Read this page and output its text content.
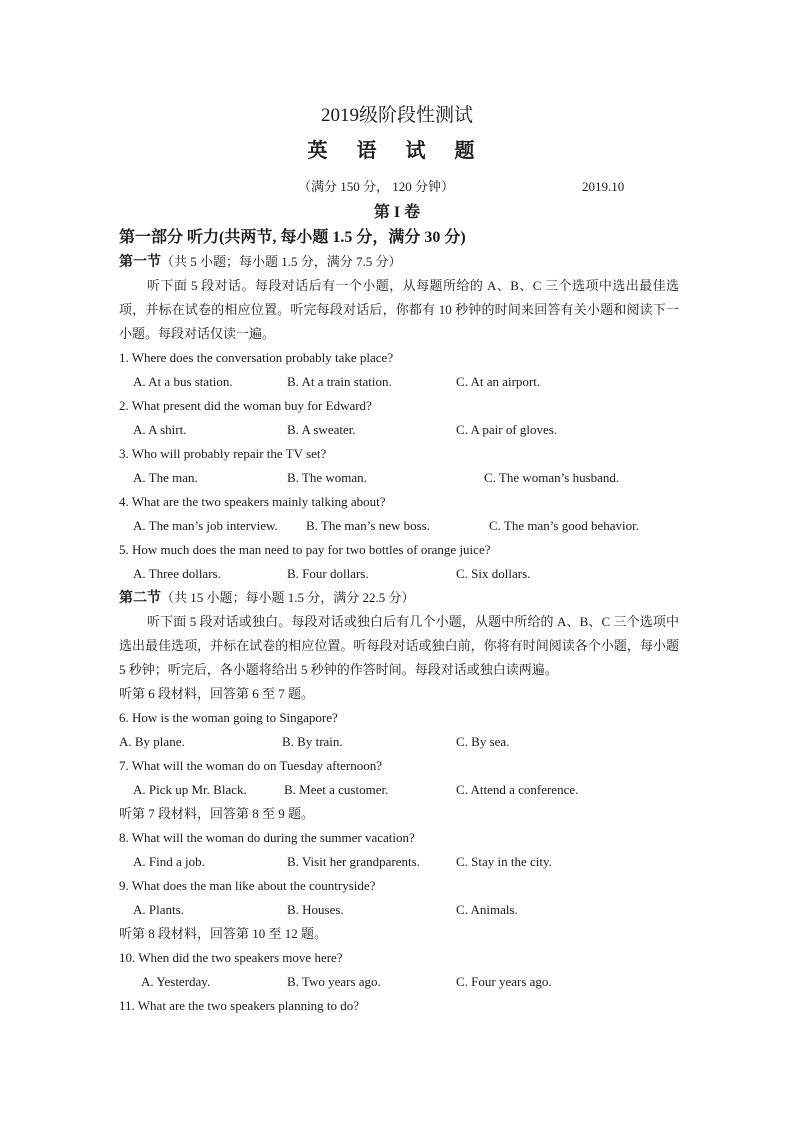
2019级阶段性测试
英 语 试 题
（满分 150 分， 120 分钟）	2019.10
第 I 卷
第一部分 听力(共两节, 每小题 1.5 分，满分 30 分)
第一节（共 5 小题；每小题 1.5 分，满分 7.5 分）

听下面 5 段对话。每段对话后有一个小题，从每题所给的 A、B、C 三个选项中选出最佳选项，并标在试卷的相应位置。听完每段对话后，你都有 10 秒钟的时间来回答有关小题和阅读下一小题。每段对话仅读一遍。

1. Where does the conversation probably take place?
A. At a bus station.	B. At a train station.	C. At an airport.
2. What present did the woman buy for Edward?
A. A shirt.	B. A sweater.	C. A pair of gloves.
3. Who will probably repair the TV set?
A. The man.	B. The woman.	C. The woman’s husband.
4. What are the two speakers mainly talking about?
A. The man’s job interview. B. The man’s new boss.	C. The man’s good behavior.
5. How much does the man need to pay for two bottles of orange juice?
A. Three dollars.	B. Four dollars.	C. Six dollars.
第二节（共 15 小题；每小题 1.5 分，满分 22.5 分）

听下面 5 段对话或独白。每段对话或独白后有几个小题，从题中所给的 A、B、C 三个选项中选出最佳选项，并标在试卷的相应位置。听每段对话或独白前，你将有时间阅读各个小题，每小题 5 秒钟；听完后，各小题将给出 5 秒钟的作答时间。每段对话或独白读两遍。

听第 6 段材料，回答第 6 至 7 题。
6. How is the woman going to Singapore?
A. By plane.	B. By train.	C. By sea.
7. What will the woman do on Tuesday afternoon?
A. Pick up Mr. Black.	B. Meet a customer.	C. Attend a conference.
听第 7 段材料，回答第 8 至 9 题。
8. What will the woman do during the summer vacation?
A. Find a job.	B. Visit her grandparents.	C. Stay in the city.
9. What does the man like about the countryside?
A. Plants.	B. Houses.	C. Animals.
听第 8 段材料，回答第 10 至 12 题。
10. When did the two speakers move here?
A. Yesterday.	B. Two years ago.	C. Four years ago.
11. What are the two speakers planning to do?
